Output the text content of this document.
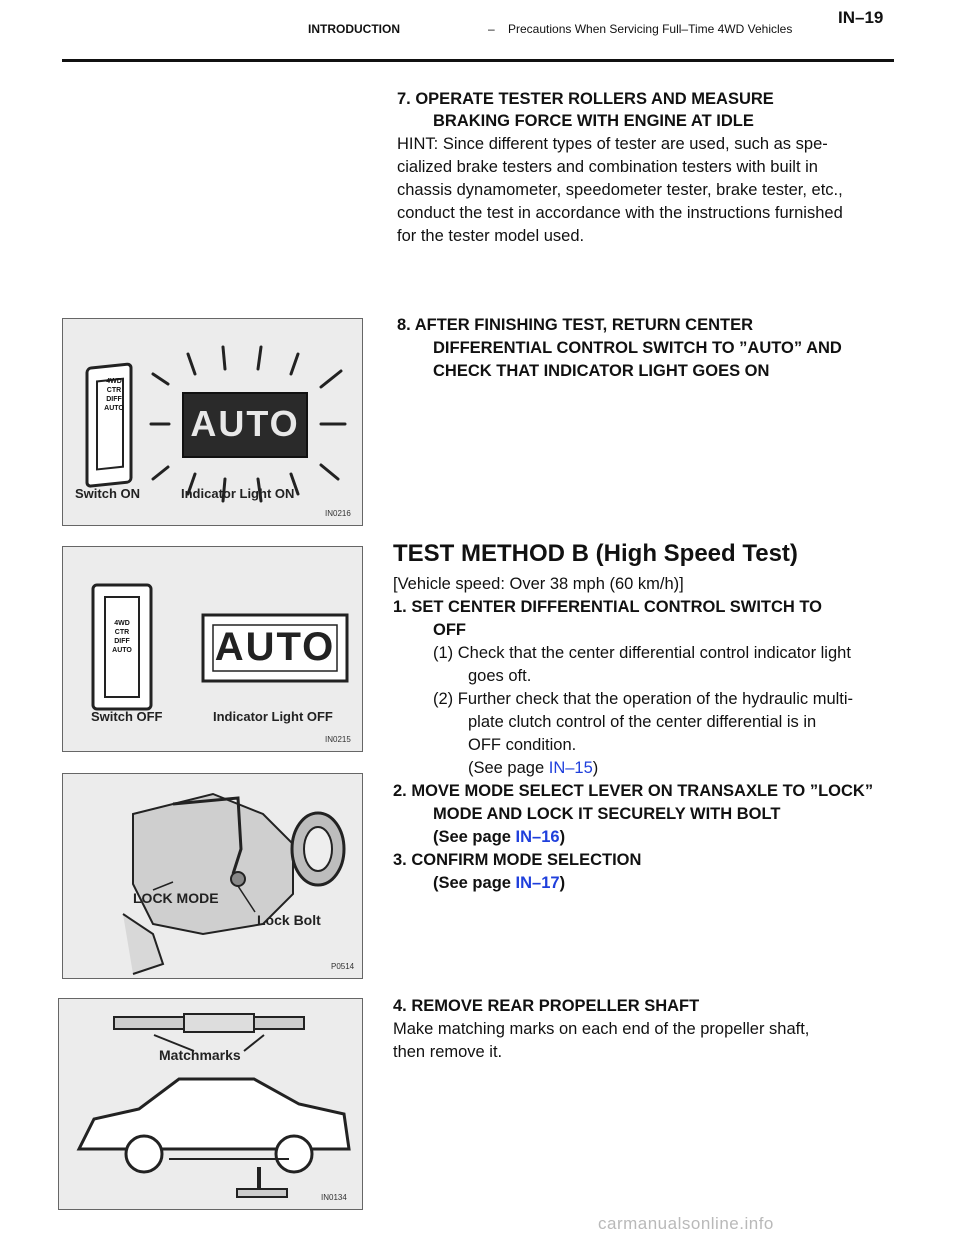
INTRODUCTION	– Precautions When Servicing Full–Time 4WD Vehicles
IN–19
7. OPERATE TESTER ROLLERS AND MEASURE
BRAKING FORCE WITH ENGINE AT IDLE
HINT: Since different types of tester are used, such as spe-
cialized brake testers and combination testers with built in
chassis dynamometer, speedometer tester, brake tester, etc.,
conduct the test in accordance with the instructions furnished
for the tester model used.
8. AFTER FINISHING TEST, RETURN CENTER
DIFFERENTIAL CONTROL SWITCH TO ”AUTO” AND
CHECK THAT INDICATOR LIGHT GOES ON
4WD
CTR
DIFF
AUTO AUTO
Switch ON	Indicator Light ON
IN0216
TEST METHOD B (High Speed Test)
[Vehicle speed: Over 38 mph (60 km/h)]
1. SET CENTER DIFFERENTIAL CONTROL SWITCH TO
OFF
(1) Check that the center differential control indicator light
goes oft.
(2) Further check that the operation of the hydraulic multi-
plate clutch control of the center differential is in
OFF condition.
(See page IN–15)
2. MOVE MODE SELECT LEVER ON TRANSAXLE TO ”LOCK”
MODE AND LOCK IT SECURELY WITH BOLT
(See page IN–16)
3. CONFIRM MODE SELECTION
(See page IN–17)
4. REMOVE REAR PROPELLER SHAFT
Make matching marks on each end of the propeller shaft,
then remove it.
4WD
CTR
DIFF
AUTO AUTO
Switch OFF	Indicator Light OFF
IN0215
LOCK MODE
Lock Bolt
P0514
Matchmarks
IN0134
carmanualsonline.info
